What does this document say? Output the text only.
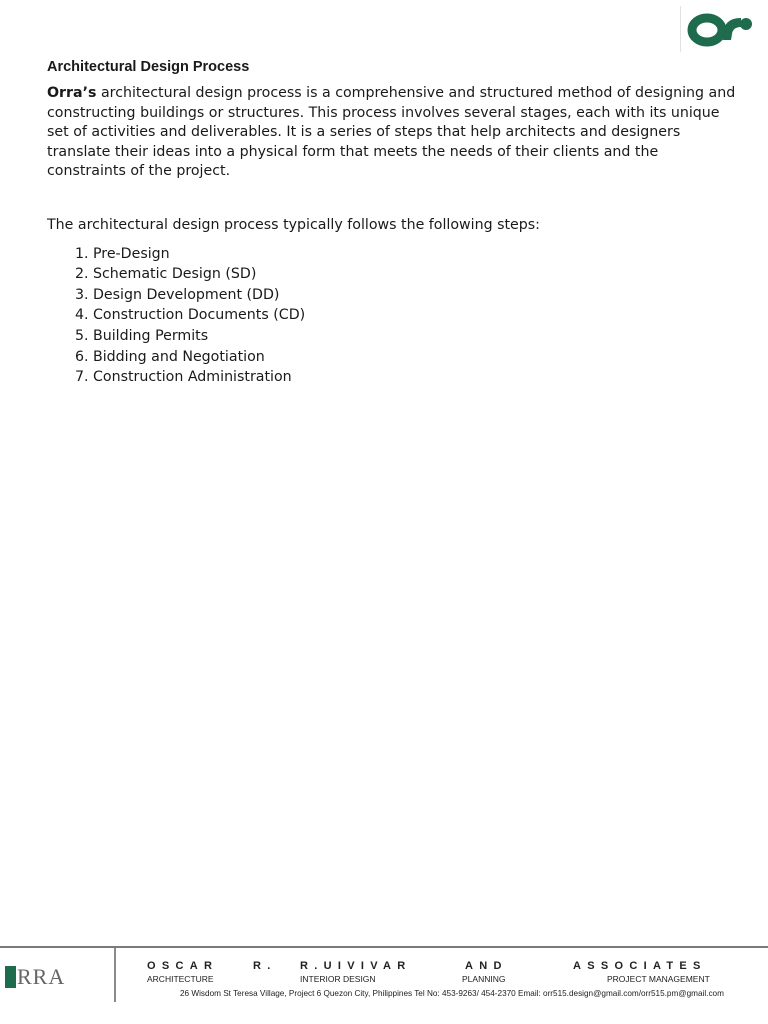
Architectural Design Process

Orra’s architectural design process is a comprehensive and structured method of designing and constructing buildings or structures. This process involves several stages, each with its unique set of activities and deliverables. It is a series of steps that help architects and designers translate their ideas into a physical form that meets the needs of their clients and the constraints of the project.

The architectural design process typically follows the following steps:

1. Pre-Design
2. Schematic Design (SD)
3. Design Development (DD)
4. Construction Documents (CD)
5. Building Permits
6. Bidding and Negotiation
7. Construction Administration
RRA	OSCAR	R. R.UIVIVAR	AND	ASSOCIATES
ARCHITECTURE	INTERIOR DESIGN	PLANNING	PROJECT MANAGEMENT
26 Wisdom St Teresa Village, Project 6 Quezon City, Philippines Tel No: 453-9263/ 454-2370 Email: orr515.design@gmail.com/orr515.pm@gmail.com
